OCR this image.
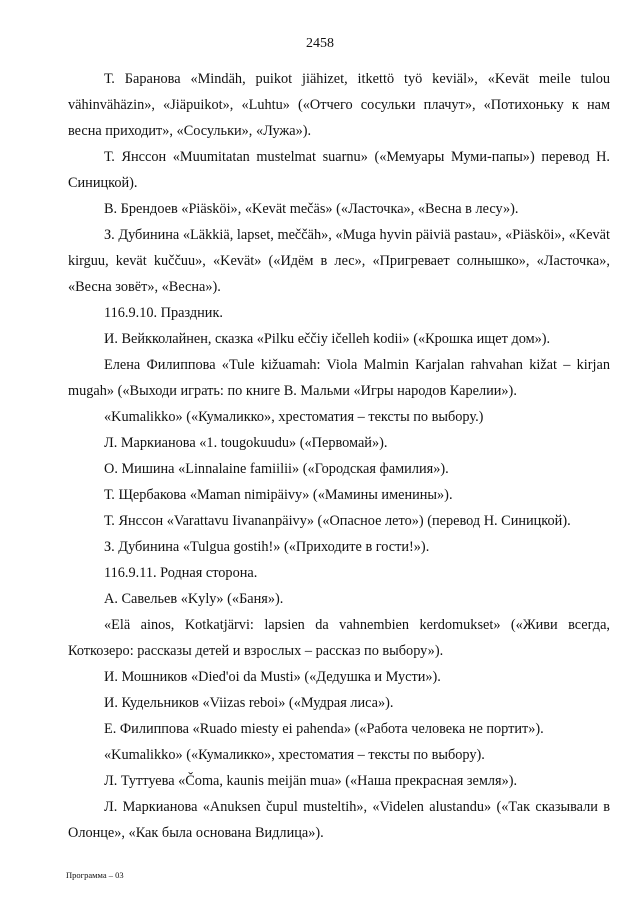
2458

Т. Баранова «Mindäh, puikot jiähizet, itkettö työ keviäl», «Kevät meile tulou vähinvähäzin», «Jiäpuikot», «Luhtu» («Отчего сосульки плачут», «Потихоньку к нам весна приходит», «Сосульки», «Лужа»).

Т. Янссон «Muumitatan mustelmat suarnu» («Мемуары Муми-папы») перевод Н. Синицкой).

В. Брендоев «Piäsköi», «Kevät mečäs» («Ласточка», «Весна в лесу»).

З. Дубинина «Läkkiä, lapset, meččäh», «Muga hyvin päiviä pastau», «Piäsköi», «Kevät kirguu, kevät kuččuu», «Kevät» («Идём в лес», «Пригревает солнышко», «Ласточка», «Весна зовёт», «Весна»).

116.9.10. Праздник.

И. Вейкколайнен, сказка «Pilku eččiy ičelleh kodii» («Крошка ищет дом»).

Елена Филиппова «Tule kižuamah: Viola Malmin Karjalan rahvahan kižat – kirjan mugah» («Выходи играть: по книге В. Мальми «Игры народов Карелии»).

«Kumalikko» («Кумаликко», хрестоматия – тексты по выбору.)

Л. Маркианова «1. tougokuudu» («Первомай»).

О. Мишина «Linnalaine famiilii» («Городская фамилия»).

Т. Щербакова «Maman nimipäivy» («Мамины именины»).

Т. Янссон «Varattavu Iivananpäivy» («Опасное лето») (перевод Н. Синицкой).

З. Дубинина «Tulgua gostih!» («Приходите в гости!»).

116.9.11. Родная сторона.

А. Савельев «Kyly» («Баня»).

«Elä ainos, Kotkatjärvi: lapsien da vahnembien kerdomukset» («Живи всегда, Коткозеро: рассказы детей и взрослых – рассказ по выбору»).

И. Мошников «Died'oi da Musti» («Дедушка и Мусти»).

И. Кудельников «Viizas reboi» («Мудрая лиса»).

Е. Филиппова «Ruado miesty ei pahenda» («Работа человека не портит»).

«Kumalikko» («Кумаликко», хрестоматия – тексты по выбору).

Л. Туттуева «Čoma, kaunis meijän mua» («Наша прекрасная земля»).

Л. Маркианова «Anuksen čupul musteltih», «Videlen alustandu» («Так сказывали в Олонце», «Как была основана Видлица»).

Программа – 03
